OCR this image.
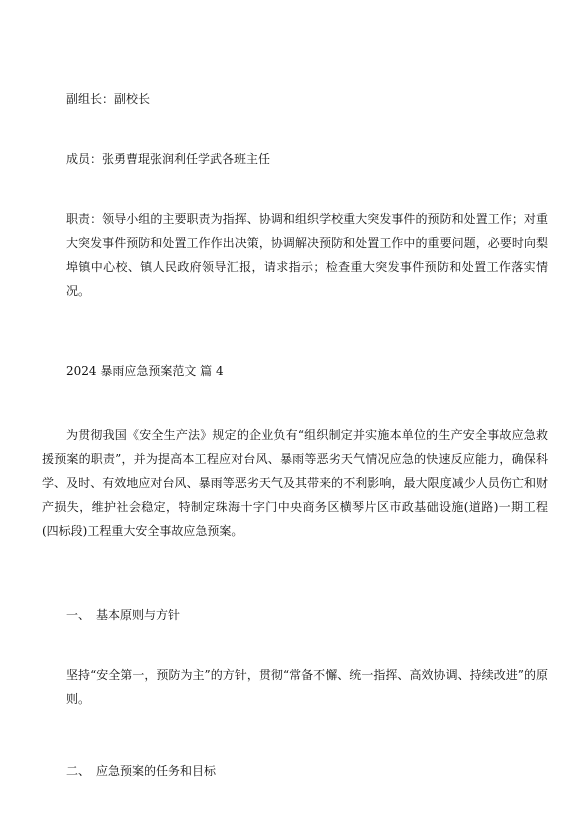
副组长：副校长

成员：张勇曹琨张润利任学武各班主任

职责：领导小组的主要职责为指挥、协调和组织学校重大突发事件的预防和处置工作；对重大突发事件预防和处置工作作出决策，协调解决预防和处置工作中的重要问题，必要时向梨埠镇中心校、镇人民政府领导汇报，请求指示；检查重大突发事件预防和处置工作落实情况。

2024 暴雨应急预案范文 篇 4

为贯彻我国《安全生产法》规定的企业负有“组织制定并实施本单位的生产安全事故应急救援预案的职责”，并为提高本工程应对台风、暴雨等恶劣天气情况应急的快速反应能力，确保科学、及时、有效地应对台风、暴雨等恶劣天气及其带来的不利影响，最大限度减少人员伤亡和财产损失，维护社会稳定，特制定珠海十字门中央商务区横琴片区市政基础设施(道路)一期工程(四标段)工程重大安全事故应急预案。

一、　基本原则与方针

坚持“安全第一，预防为主”的方针，贯彻“常备不懈、统一指挥、高效协调、持续改进”的原则。

二、　应急预案的任务和目标
